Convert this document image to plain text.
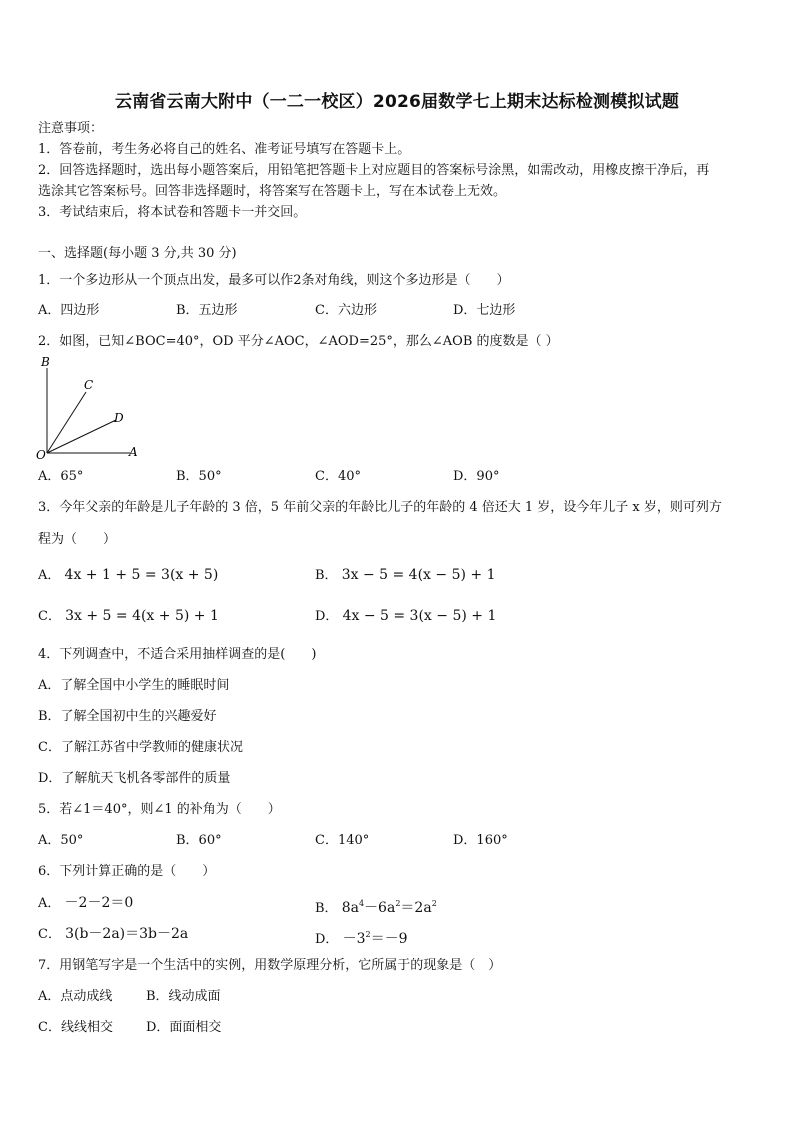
云南省云南大附中（一二一校区）2026届数学七上期末达标检测模拟试题
注意事项：
1．答卷前，考生务必将自己的姓名、准考证号填写在答题卡上。
2．回答选择题时，选出每小题答案后，用铅笔把答题卡上对应题目的答案标号涂黑，如需改动，用橡皮擦干净后，再
选涂其它答案标号。回答非选择题时，将答案写在答题卡上，写在本试卷上无效。
3．考试结束后，将本试卷和答题卡一并交回。
一、选择题(每小题 3 分,共 30 分)
1．一个多边形从一个顶点出发，最多可以作2条对角线，则这个多边形是（　　）
A．四边形	B．五边形	C．六边形	D．七边形
2．如图，已知∠BOC=40°，OD 平分∠AOC，∠AOD=25°，那么∠AOB 的度数是（ ）
B
C
D
O	A
A．65°	B．50°	C．40°	D．90°
3．今年父亲的年龄是儿子年龄的 3 倍，5 年前父亲的年龄比儿子的年龄的 4 倍还大 1 岁，设今年儿子 x 岁，则可列方
程为（　　）
A． 4x + 1 + 5 = 3(x + 5)	B． 3x − 5 = 4(x − 5) + 1
C． 3x + 5 = 4(x + 5) + 1	D． 4x − 5 = 3(x − 5) + 1
4．下列调查中，不适合采用抽样调查的是(　　)
A．了解全国中小学生的睡眠时间
B．了解全国初中生的兴趣爱好
C．了解江苏省中学教师的健康状况
D．了解航天飞机各零部件的质量
5．若∠1＝40°，则∠1 的补角为（　　）
A．50°	B．60°	C．140°	D．160°
6．下列计算正确的是（　　）
A． －2－2＝0	B． $8a^4-6a^2=2a^2$
C． 3(b－2a)＝3b－2a	D． $-3^2=-9$
7．用钢笔写字是一个生活中的实例，用数学原理分析，它所属于的现象是（　）
A．点动成线	B．线动成面
C．线线相交	D．面面相交
